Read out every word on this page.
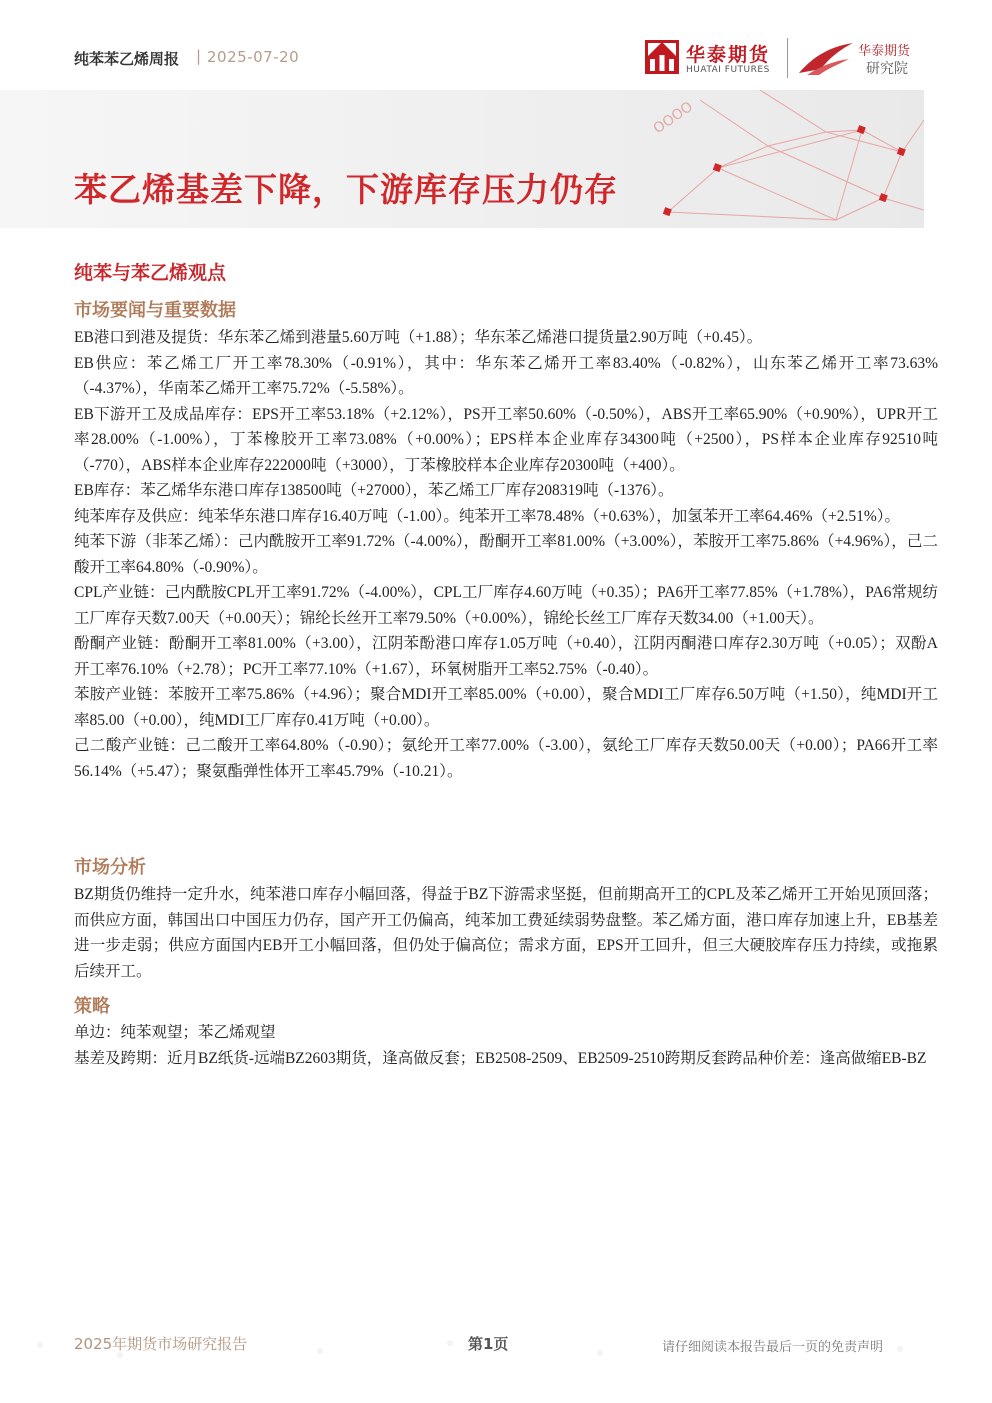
纯苯苯乙烯周报 | 2025-07-20	华泰期货
HUATAI FUTURES
华泰期货
研究院
OOOO
苯乙烯基差下降，下游库存压力仍存
纯苯与苯乙烯观点
市场要闻与重要数据

EB港口到港及提货：华东苯乙烯到港量5.60万吨（+1.88）；华东苯乙烯港口提货量2.90万吨（+0.45）。

EB供应：苯乙烯工厂开工率78.30%（-0.91%），其中：华东苯乙烯开工率83.40%（-0.82%），山东苯乙烯开工率73.63%（-4.37%），华南苯乙烯开工率75.72%（-5.58%）。

EB下游开工及成品库存：EPS开工率53.18%（+2.12%），PS开工率50.60%（-0.50%），ABS开工率65.90%（+0.90%），UPR开工率28.00%（-1.00%），丁苯橡胶开工率73.08%（+0.00%）；EPS样本企业库存34300吨（+2500），PS样本企业库存92510吨（-770），ABS样本企业库存222000吨（+3000），丁苯橡胶样本企业库存20300吨（+400）。

EB库存：苯乙烯华东港口库存138500吨（+27000），苯乙烯工厂库存208319吨（-1376）。

纯苯库存及供应：纯苯华东港口库存16.40万吨（-1.00）。纯苯开工率78.48%（+0.63%），加氢苯开工率64.46%（+2.51%）。

纯苯下游（非苯乙烯）：己内酰胺开工率91.72%（-4.00%），酚酮开工率81.00%（+3.00%），苯胺开工率75.86%（+4.96%），己二酸开工率64.80%（-0.90%）。

CPL产业链：己内酰胺CPL开工率91.72%（-4.00%），CPL工厂库存4.60万吨（+0.35）；PA6开工率77.85%（+1.78%），PA6常规纺工厂库存天数7.00天（+0.00天）；锦纶长丝开工率79.50%（+0.00%），锦纶长丝工厂库存天数34.00（+1.00天）。

酚酮产业链：酚酮开工率81.00%（+3.00），江阴苯酚港口库存1.05万吨（+0.40），江阴丙酮港口库存2.30万吨（+0.05）；双酚A开工率76.10%（+2.78）；PC开工率77.10%（+1.67），环氧树脂开工率52.75%（-0.40）。

苯胺产业链：苯胺开工率75.86%（+4.96）；聚合MDI开工率85.00%（+0.00），聚合MDI工厂库存6.50万吨（+1.50），纯MDI开工率85.00（+0.00），纯MDI工厂库存0.41万吨（+0.00）。

己二酸产业链：己二酸开工率64.80%（-0.90）；氨纶开工率77.00%（-3.00），氨纶工厂库存天数50.00天（+0.00）；PA66开工率56.14%（+5.47）；聚氨酯弹性体开工率45.79%（-10.21）。

市场分析

BZ期货仍维持一定升水，纯苯港口库存小幅回落，得益于BZ下游需求坚挺，但前期高开工的CPL及苯乙烯开工开始见顶回落；而供应方面，韩国出口中国压力仍存，国产开工仍偏高，纯苯加工费延续弱势盘整。苯乙烯方面，港口库存加速上升，EB基差进一步走弱；供应方面国内EB开工小幅回落，但仍处于偏高位；需求方面，EPS开工回升，但三大硬胶库存压力持续，或拖累后续开工。

策略

单边：纯苯观望；苯乙烯观望

基差及跨期：近月BZ纸货-远端BZ2603期货，逢高做反套；EB2508-2509、EB2509-2510跨期反套跨品种价差：逢高做缩EB-BZ

2025年期货市场研究报告	第1页	请仔细阅读本报告最后一页的免责声明
